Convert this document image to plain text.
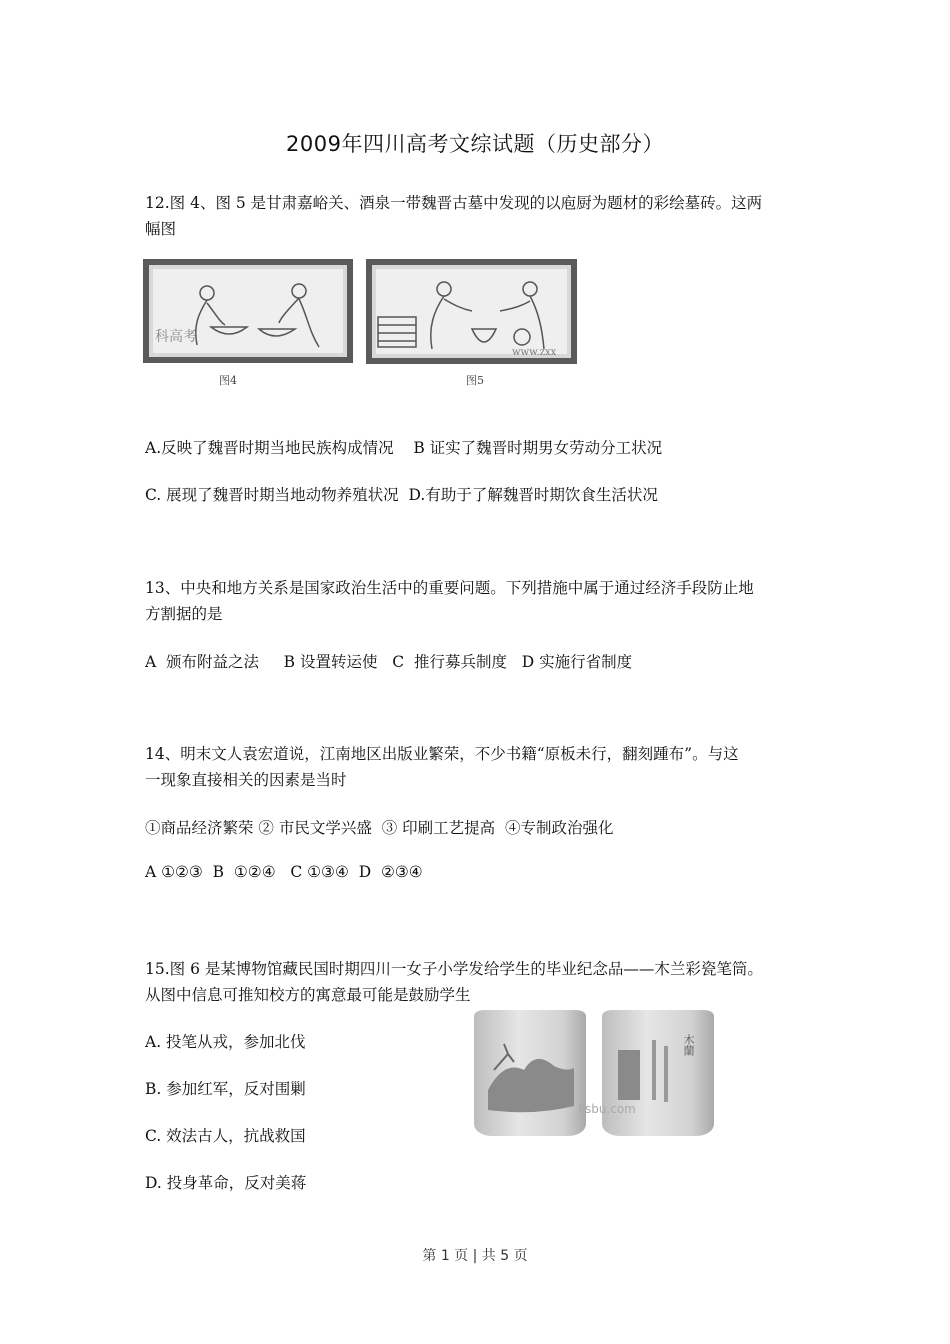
2009年四川高考文综试题（历史部分）
12.图 4、图 5 是甘肃嘉峪关、酒泉一带魏晋古墓中发现的以庖厨为题材的彩绘墓砖。这两
幅图
科高考
图4
www.zxx
图5
A.反映了魏晋时期当地民族构成情况    B 证实了魏晋时期男女劳动分工状况
C. 展现了魏晋时期当地动物养殖状况  D.有助于了解魏晋时期饮食生活状况
13、中央和地方关系是国家政治生活中的重要问题。下列措施中属于通过经济手段防止地
方割据的是
A  颁布附益之法     B 设置转运使   C  推行募兵制度   D 实施行省制度
14、明末文人袁宏道说，江南地区出版业繁荣，不少书籍“原板未行，翻刻踵布”。与这
一现象直接相关的因素是当时
①商品经济繁荣 ② 市民文学兴盛  ③ 印刷工艺提高  ④专制政治强化
A ①②③  B  ①②④   C ①③④  D  ②③④
15.图 6 是某博物馆藏民国时期四川一女子小学发给学生的毕业纪念品——木兰彩瓷笔筒。
从图中信息可推知校方的寓意最可能是鼓励学生
A. 投笔从戎，参加北伐
B. 参加红军，反对围剿
C. 效法古人，抗战救国
D. 投身革命，反对美蒋
木蘭
ksbu.com
第 1 页 | 共 5 页
